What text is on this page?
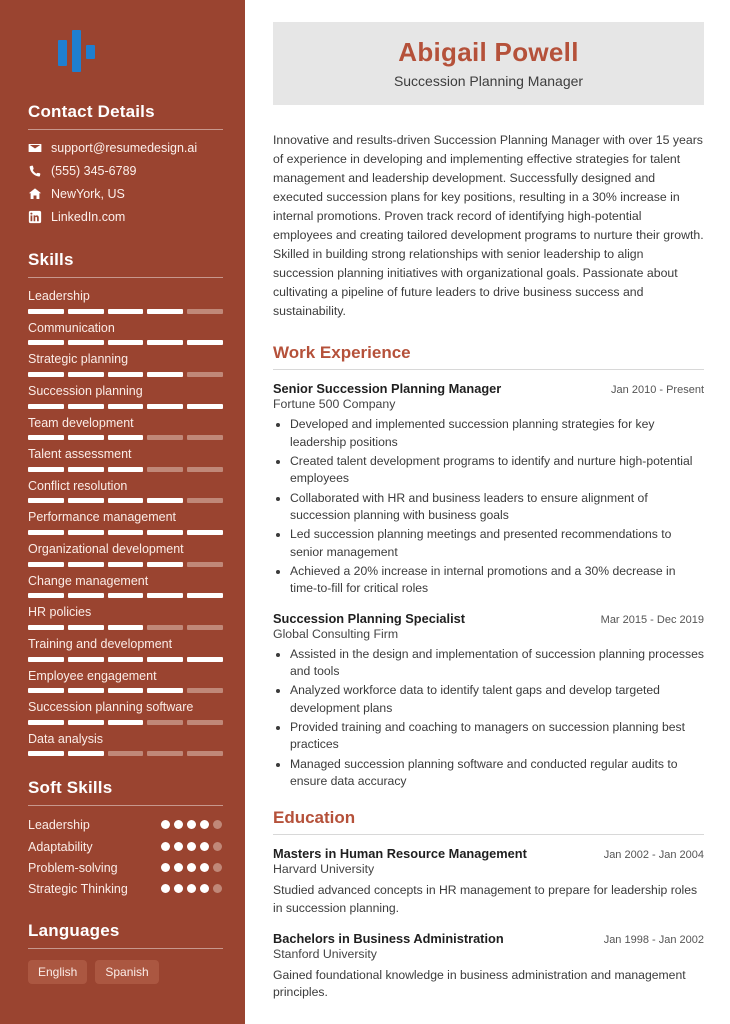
Contact Details
support@resumedesign.ai
(555) 345-6789
NewYork, US
LinkedIn.com
Skills
Leadership
Communication
Strategic planning
Succession planning
Team development
Talent assessment
Conflict resolution
Performance management
Organizational development
Change management
HR policies
Training and development
Employee engagement
Succession planning software
Data analysis
Soft Skills
Leadership
Adaptability
Problem-solving
Strategic Thinking
Languages
English	Spanish
Abigail Powell
Succession Planning Manager

Innovative and results-driven Succession Planning Manager with over 15 years of experience in developing and implementing effective strategies for talent management and leadership development. Successfully designed and executed succession plans for key positions, resulting in a 30% increase in internal promotions. Proven track record of identifying high-potential employees and creating tailored development programs to nurture their growth. Skilled in building strong relationships with senior leadership to align succession planning initiatives with organizational goals. Passionate about cultivating a pipeline of future leaders to drive business success and sustainability.

Work Experience
Senior Succession Planning Manager	Jan 2010 - Present
Fortune 500 Company
• Developed and implemented succession planning strategies for key leadership positions
• Created talent development programs to identify and nurture high-potential employees
• Collaborated with HR and business leaders to ensure alignment of succession planning with business goals
• Led succession planning meetings and presented recommendations to senior management
• Achieved a 20% increase in internal promotions and a 30% decrease in time-to-fill for critical roles
Succession Planning Specialist	Mar 2015 - Dec 2019
Global Consulting Firm
• Assisted in the design and implementation of succession planning processes and tools
• Analyzed workforce data to identify talent gaps and develop targeted development plans
• Provided training and coaching to managers on succession planning best practices
• Managed succession planning software and conducted regular audits to ensure data accuracy
Education
Masters in Human Resource Management	Jan 2002 - Jan 2004
Harvard University
Studied advanced concepts in HR management to prepare for leadership roles in succession planning.
Bachelors in Business Administration	Jan 1998 - Jan 2002
Stanford University
Gained foundational knowledge in business administration and management principles.
